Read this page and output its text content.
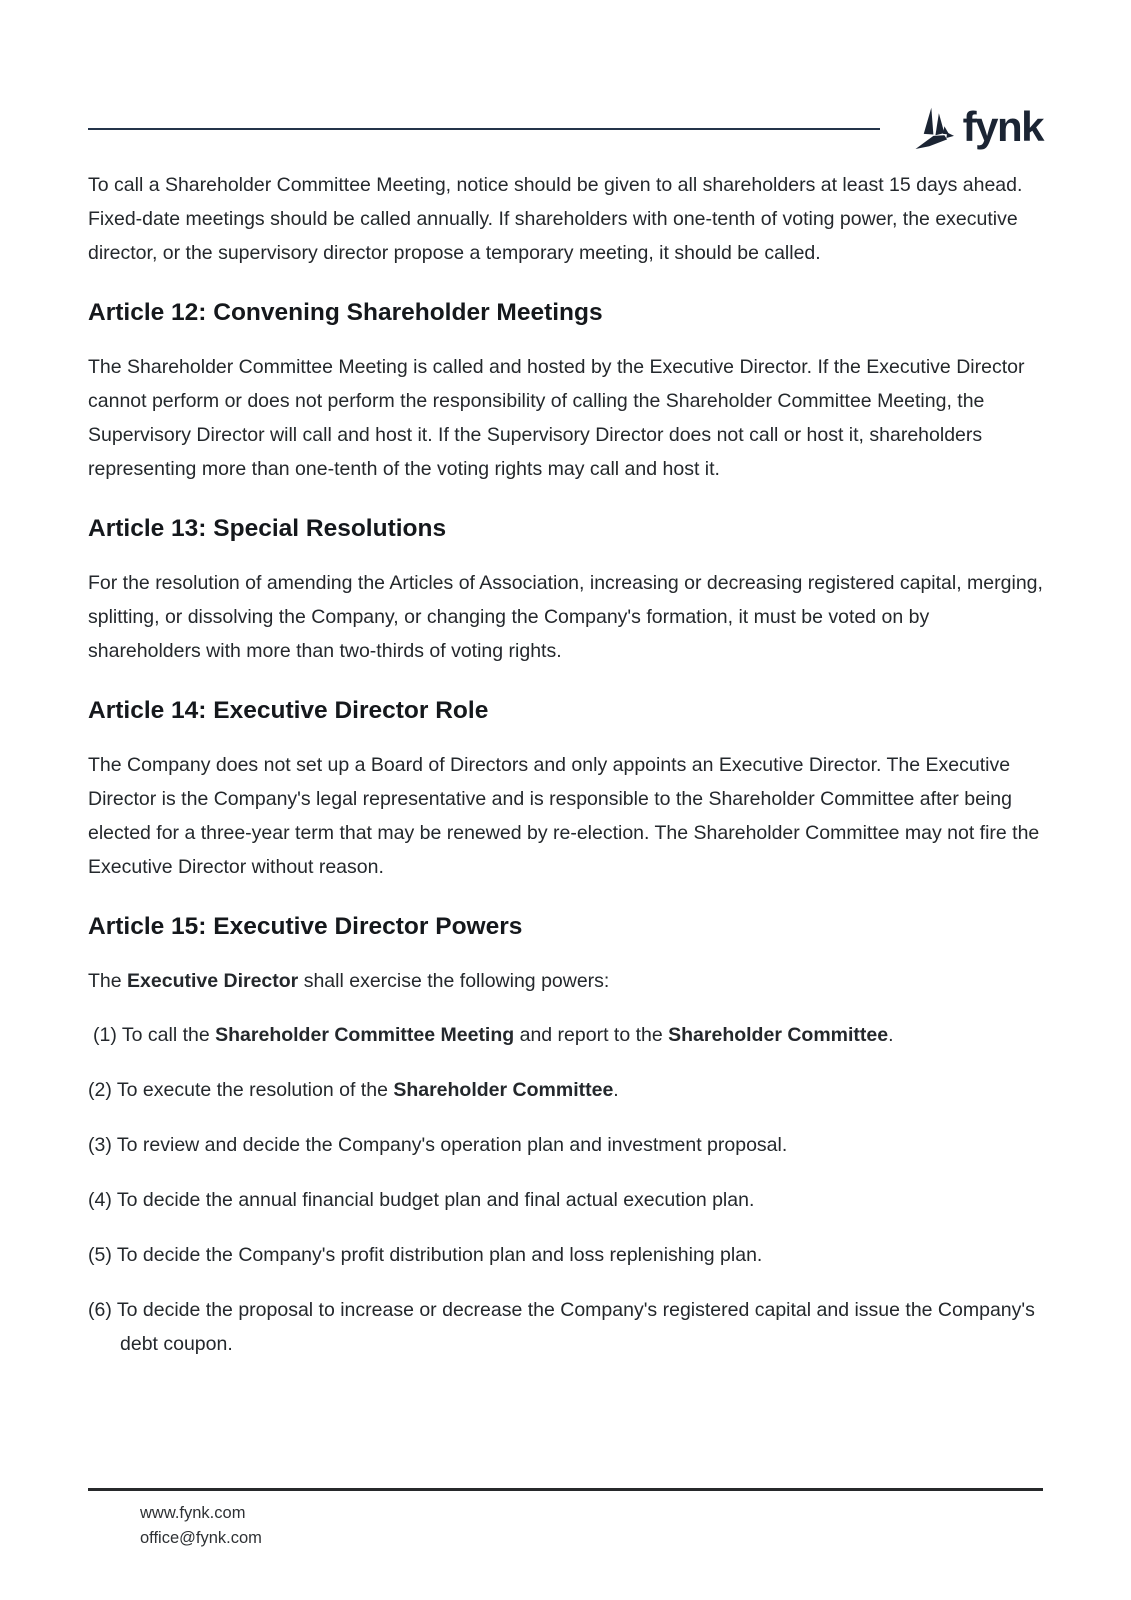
fynk

To call a Shareholder Committee Meeting, notice should be given to all shareholders at least 15 days ahead. Fixed-date meetings should be called annually. If shareholders with one-tenth of voting power, the executive director, or the supervisory director propose a temporary meeting, it should be called.

Article 12: Convening Shareholder Meetings

The Shareholder Committee Meeting is called and hosted by the Executive Director. If the Executive Director cannot perform or does not perform the responsibility of calling the Shareholder Committee Meeting, the Supervisory Director will call and host it. If the Supervisory Director does not call or host it, shareholders representing more than one-tenth of the voting rights may call and host it.

Article 13: Special Resolutions

For the resolution of amending the Articles of Association, increasing or decreasing registered capital, merging, splitting, or dissolving the Company, or changing the Company's formation, it must be voted on by shareholders with more than two-thirds of voting rights.

Article 14: Executive Director Role

The Company does not set up a Board of Directors and only appoints an Executive Director. The Executive Director is the Company's legal representative and is responsible to the Shareholder Committee after being elected for a three-year term that may be renewed by re-election. The Shareholder Committee may not fire the Executive Director without reason.

Article 15: Executive Director Powers

The Executive Director shall exercise the following powers:

(1) To call the Shareholder Committee Meeting and report to the Shareholder Committee.
(2) To execute the resolution of the Shareholder Committee.
(3) To review and decide the Company's operation plan and investment proposal.
(4) To decide the annual financial budget plan and final actual execution plan.
(5) To decide the Company's profit distribution plan and loss replenishing plan.
(6) To decide the proposal to increase or decrease the Company's registered capital and issue the Company's debt coupon.
www.fynk.com
office@fynk.com
